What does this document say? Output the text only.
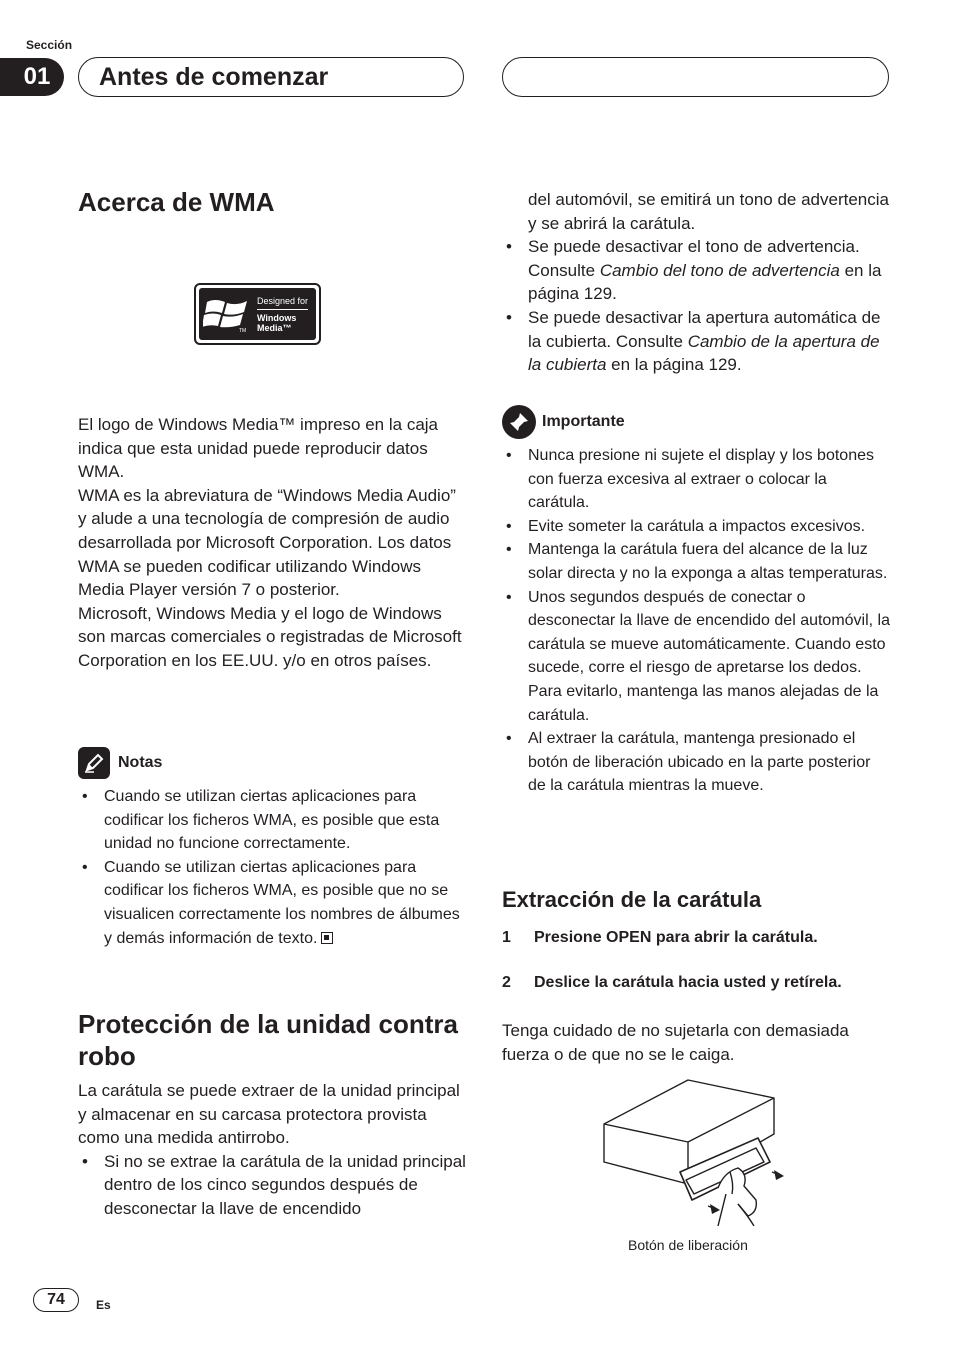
Sección
01	Antes de comenzar
Acerca de WMA
TM
Designed for
Windows
Media™

El logo de Windows Media™ impreso en la caja indica que esta unidad puede reproducir datos WMA.

WMA es la abreviatura de “Windows Media Audio” y alude a una tecnología de compresión de audio desarrollada por Microsoft Corporation. Los datos WMA se pueden codificar utilizando Windows Media Player versión 7 o posterior.

Microsoft, Windows Media y el logo de Windows son marcas comerciales o registradas de Microsoft Corporation en los EE.UU. y/o en otros países.

Notas
• Cuando se utilizan ciertas aplicaciones para codificar los ficheros WMA, es posible que esta unidad no funcione correctamente.
• Cuando se utilizan ciertas aplicaciones para codificar los ficheros WMA, es posible que no se visualicen correctamente los nombres de álbumes y demás información de texto.
Protección de la unidad contra robo

La carátula se puede extraer de la unidad principal y almacenar en su carcasa protectora provista como una medida antirrobo.

• Si no se extrae la carátula de la unidad principal dentro de los cinco segundos después de desconectar la llave de encendido
del automóvil, se emitirá un tono de advertencia y se abrirá la carátula.
• Se puede desactivar el tono de advertencia. Consulte Cambio del tono de advertencia en la página 129.
• Se puede desactivar la apertura automática de la cubierta. Consulte Cambio de la apertura de la cubierta en la página 129.
Importante
• Nunca presione ni sujete el display y los botones con fuerza excesiva al extraer o colocar la carátula.
• Evite someter la carátula a impactos excesivos.
• Mantenga la carátula fuera del alcance de la luz solar directa y no la exponga a altas temperaturas.
• Unos segundos después de conectar o desconectar la llave de encendido del automóvil, la carátula se mueve automáticamente. Cuando esto sucede, corre el riesgo de apretarse los dedos. Para evitarlo, mantenga las manos alejadas de la carátula.
• Al extraer la carátula, mantenga presionado el botón de liberación ubicado en la parte posterior de la carátula mientras la mueve.
Extracción de la carátula
1 Presione OPEN para abrir la carátula.
2 Deslice la carátula hacia usted y retírela.

Tenga cuidado de no sujetarla con demasiada fuerza o de que no se le caiga.

Botón de liberación
74	Es
